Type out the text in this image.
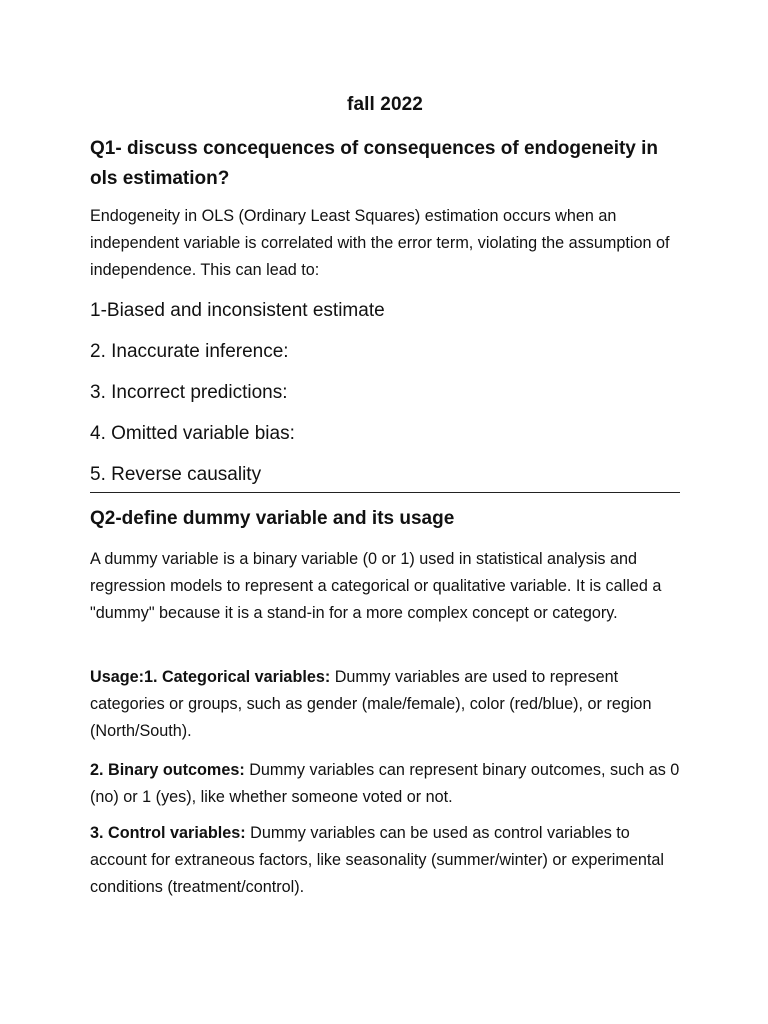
fall 2022
Q1- discuss concequences of consequences of endogeneity in ols estimation?
Endogeneity in OLS (Ordinary Least Squares) estimation occurs when an independent variable is correlated with the error term, violating the assumption of independence. This can lead to:
1-Biased and inconsistent estimate
2. Inaccurate inference:
3. Incorrect predictions:
4. Omitted variable bias:
5. Reverse causality
Q2-define dummy variable and its usage
A dummy variable is a binary variable (0 or 1) used in statistical analysis and regression models to represent a categorical or qualitative variable. It is called a "dummy" because it is a stand-in for a more complex concept or category.
Usage:1. Categorical variables: Dummy variables are used to represent categories or groups, such as gender (male/female), color (red/blue), or region (North/South).
2. Binary outcomes: Dummy variables can represent binary outcomes, such as 0 (no) or 1 (yes), like whether someone voted or not.
3. Control variables: Dummy variables can be used as control variables to account for extraneous factors, like seasonality (summer/winter) or experimental conditions (treatment/control).
